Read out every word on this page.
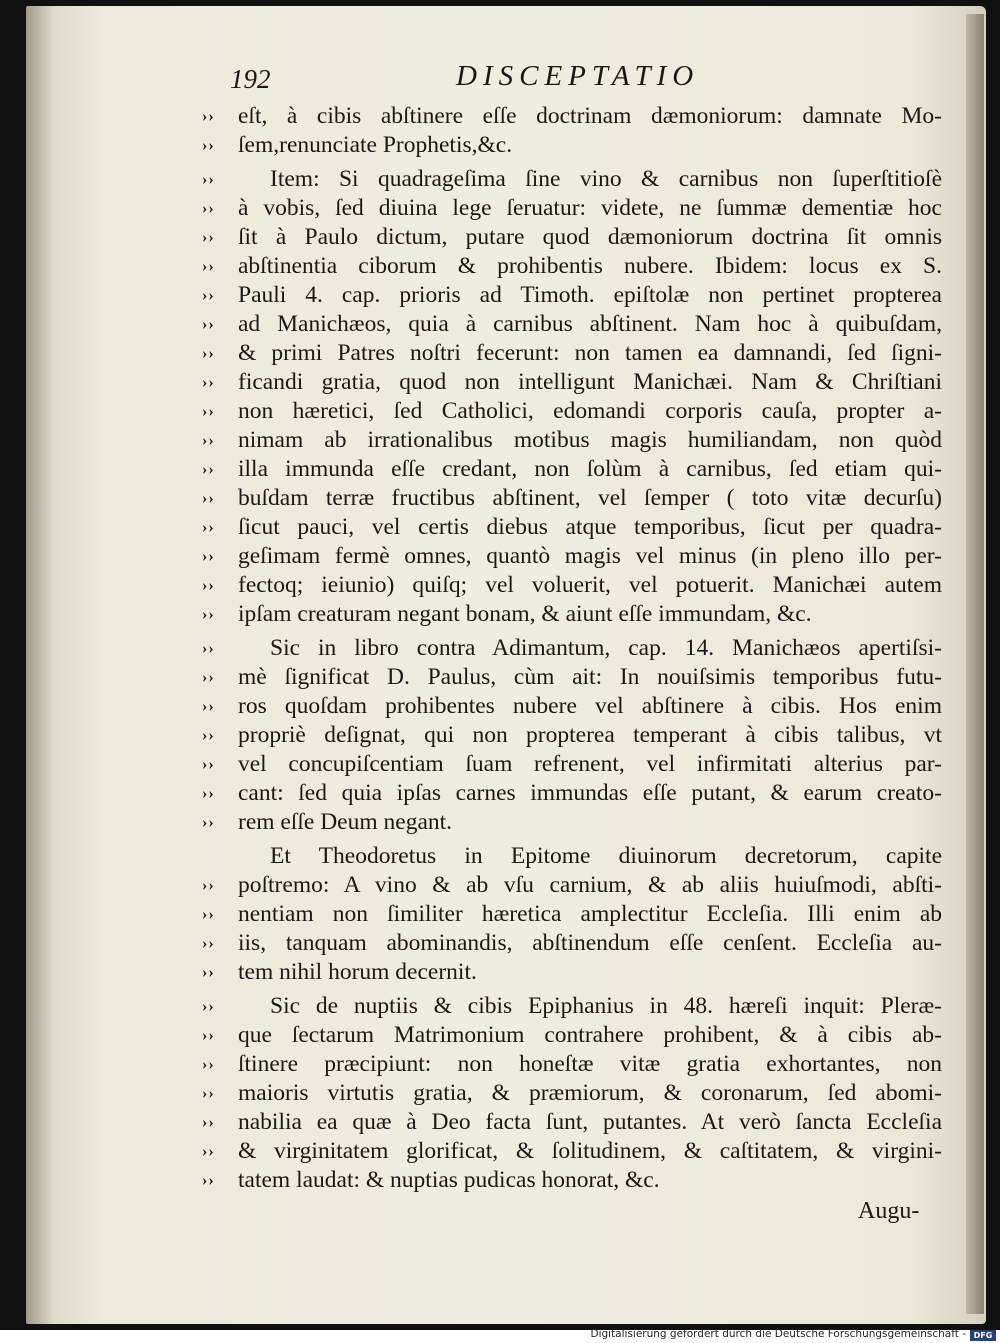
192	DISCEPTATIO
›› eſt, à cibis abſtinere eſſe doctrinam dæmoniorum: damnate Mo-
›› ſem,renunciate Prophetis,&c.
››	Item: Si quadrageſima ſine vino & carnibus non ſuperſtitioſè
›› à vobis, ſed diuina lege ſeruatur: videte, ne ſummæ dementiæ hoc
›› ſit à Paulo dictum, putare quod dæmoniorum doctrina ſit omnis
›› abſtinentia ciborum & prohibentis nubere. Ibidem: locus ex S.
›› Pauli 4. cap. prioris ad Timoth. epiſtolæ non pertinet propterea
›› ad Manichæos, quia à carnibus abſtinent. Nam hoc à quibuſdam,
›› & primi Patres noſtri fecerunt: non tamen ea damnandi, ſed ſigni-
›› ficandi gratia, quod non intelligunt Manichæi. Nam & Chriſtiani
›› non hæretici, ſed Catholici, edomandi corporis cauſa, propter a-
›› nimam ab irrationalibus motibus magis humiliandam, non quòd
›› illa immunda eſſe credant, non ſolùm à carnibus, ſed etiam qui-
›› buſdam terræ fructibus abſtinent, vel ſemper ( toto vitæ decurſu)
›› ſicut pauci, vel certis diebus atque temporibus, ſicut per quadra-
›› geſimam fermè omnes, quantò magis vel minus (in pleno illo per-
›› fectoq; ieiunio) quiſq; vel voluerit, vel potuerit. Manichæi autem
›› ipſam creaturam negant bonam, & aiunt eſſe immundam, &c.
››	Sic in libro contra Adimantum, cap. 14. Manichæos apertiſsi-
›› mè ſignificat D. Paulus, cùm ait: In nouiſsimis temporibus futu-
›› ros quoſdam prohibentes nubere vel abſtinere à cibis. Hos enim
›› propriè deſignat, qui non propterea temperant à cibis talibus, vt
›› vel concupiſcentiam ſuam refrenent, vel infirmitati alterius par-
›› cant: ſed quia ipſas carnes immundas eſſe putant, & earum creato-
›› rem eſſe Deum negant.
Et Theodoretus in Epitome diuinorum decretorum, capite
›› poſtremo: A vino & ab vſu carnium, & ab aliis huiuſmodi, abſti-
›› nentiam non ſimiliter hæretica amplectitur Eccleſia. Illi enim ab
›› iis, tanquam abominandis, abſtinendum eſſe cenſent. Eccleſia au-
›› tem nihil horum decernit.
››	Sic de nuptiis & cibis Epiphanius in 48. hæreſi inquit: Pleræ-
›› que ſectarum Matrimonium contrahere prohibent, & à cibis ab-
›› ſtinere præcipiunt: non honeſtæ vitæ gratia exhortantes, non
›› maioris virtutis gratia, & præmiorum, & coronarum, ſed abomi-
›› nabilia ea quæ à Deo facta ſunt, putantes. At verò ſancta Eccleſia
›› & virginitatem glorificat, & ſolitudinem, & caſtitatem, & virgini-
›› tatem laudat: & nuptias pudicas honorat, &c.
Augu-
Digitalisierung gefördert durch die Deutsche Forschungsgemeinschaft - DFG
